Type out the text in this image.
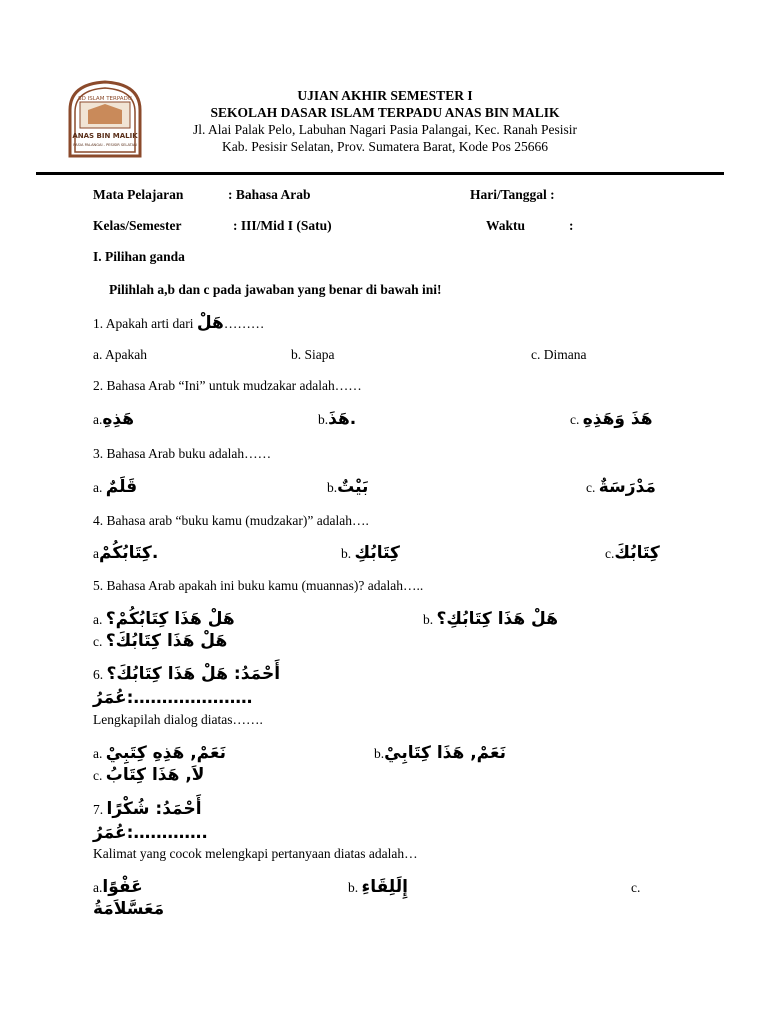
SD ISLAM TERPADU
ANAS BIN MALIK
PASIA PALANGAI - PESISIR SELATAN
UJIAN AKHIR SEMESTER I
SEKOLAH DASAR ISLAM TERPADU ANAS BIN MALIK
Jl. Alai Palak Pelo, Labuhan Nagari Pasia Palangai, Kec. Ranah Pesisir
Kab. Pesisir Selatan, Prov. Sumatera Barat, Kode Pos 25666
Mata Pelajaran	: Bahasa Arab	Hari/Tanggal :
Kelas/Semester	: III/Mid I (Satu)	Waktu	:
I. Pilihan ganda
Pilihlah a,b dan c pada jawaban yang benar di bawah ini!
1. Apakah arti dari هَلْ………
a. Apakah	b. Siapa	c. Dimana
2. Bahasa Arab “Ini” untuk mudzakar adalah……
a.هَذِهِ	b.هَذَ.	c. هَذَ وَهَذِهِ
3. Bahasa Arab buku adalah……
a. قَلَمٌ	b.بَيْتٌ	c. مَدْرَسَةٌ
4. Bahasa arab “buku kamu (mudzakar)” adalah….
aكِتَابُكُمْ.	b. كِتَابُكِ	c.كِتَابُكَ
5. Bahasa Arab apakah ini buku kamu (muannas)? adalah…..
a. هَلْ هَذَا كِتَابُكُمْ؟	b. هَلْ هَذَا كِتَابُكِ؟
c. هَلْ هَذَا كِتَابُكَ؟
6. أَحْمَدُ: هَلْ هَذَا كِتَابُكَ؟
عُمَرُ:…………………
Lengkapilah dialog diatas…….
a. نَعَمْ, هَذِهِ كِتَبِيْ	b.نَعَمْ, هَذَا كِتَابِيْ
c. لاَ, هَذَا كِتَابُ
7. أَحْمَدُ: شُكْرًا
عُمَرُ:………….
Kalimat yang cocok melengkapi pertanyaan diatas adalah…
a.عَفْوًا	b. إِلَلِقَاءِ	c.
مَعَسَّلاَمَةُ
